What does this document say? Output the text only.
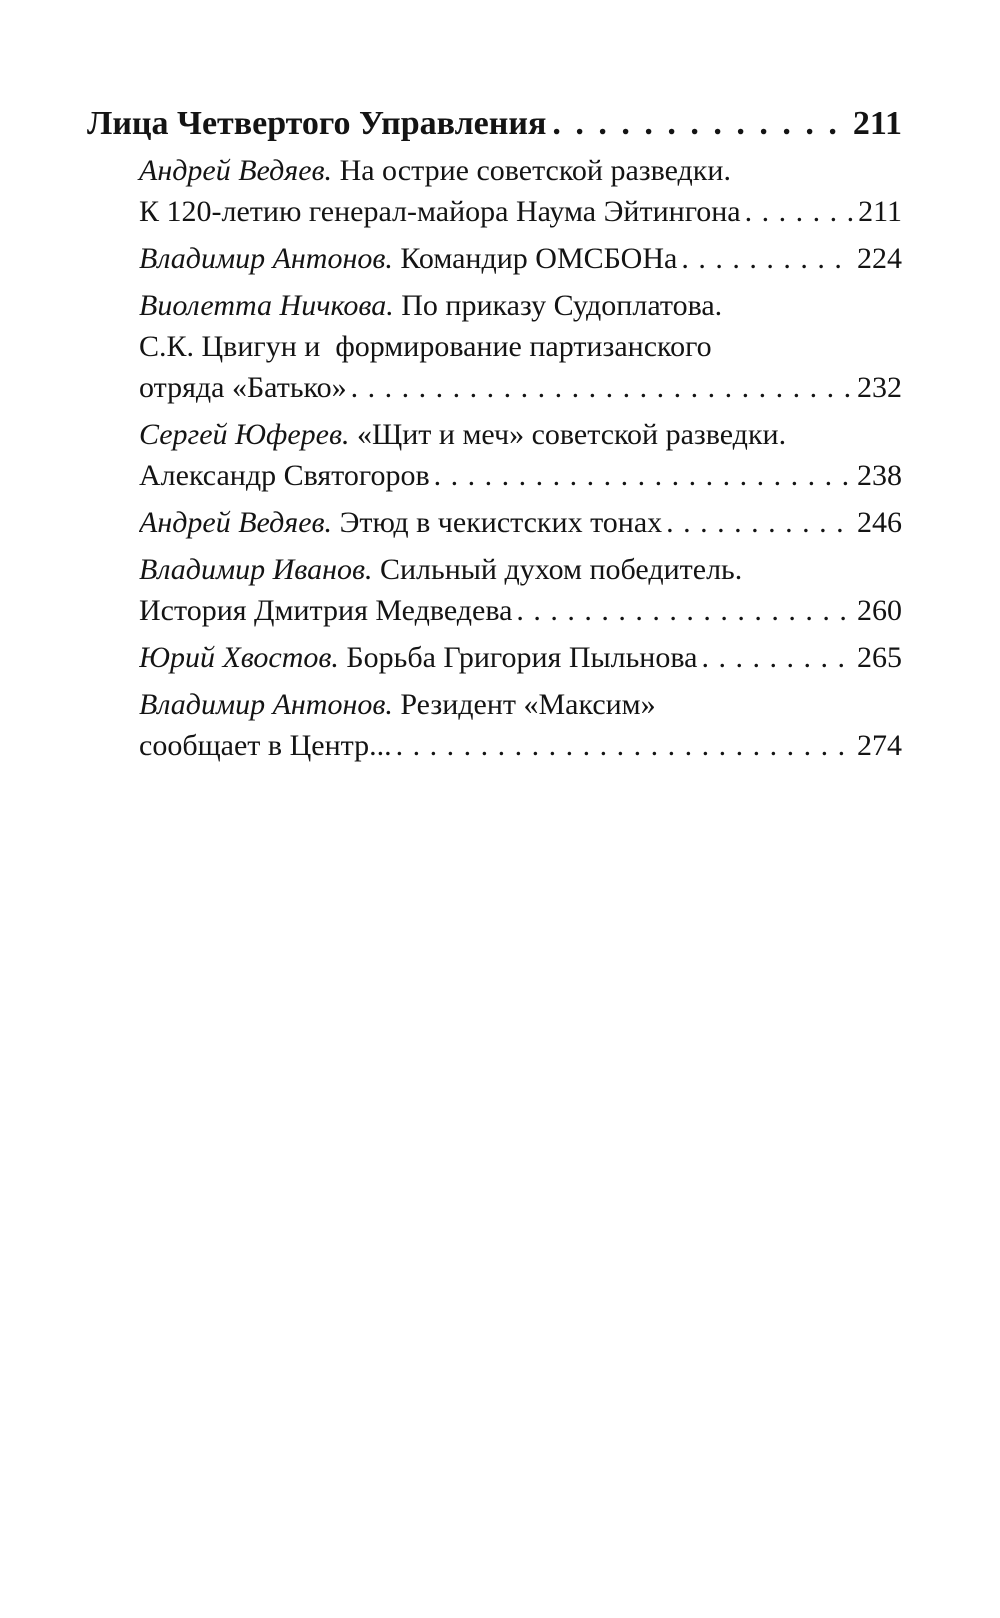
Лица Четвертого Управления . . .	211
Андрей Ведяев. На острие советской разведки.
К 120-летию генерал-майора Наума Эйтингона . . .	211
Владимир Антонов. Командир ОМСБОНа . . .	224
Виолетта Ничкова. По приказу Судоплатова.
С.К. Цвигун и  формирование партизанского
отряда «Батько» . . .	232
Сергей Юферев. «Щит и меч» советской разведки.
Александр Святогоров . . .	238
Андрей Ведяев. Этюд в чекистских тонах . . .	246
Владимир Иванов. Сильный духом победитель.
История Дмитрия Медведева . . .	260
Юрий Хвостов. Борьба Григория Пыльнова . . .	265
Владимир Антонов. Резидент «Максим»
сообщает в Центр... . . .	274
